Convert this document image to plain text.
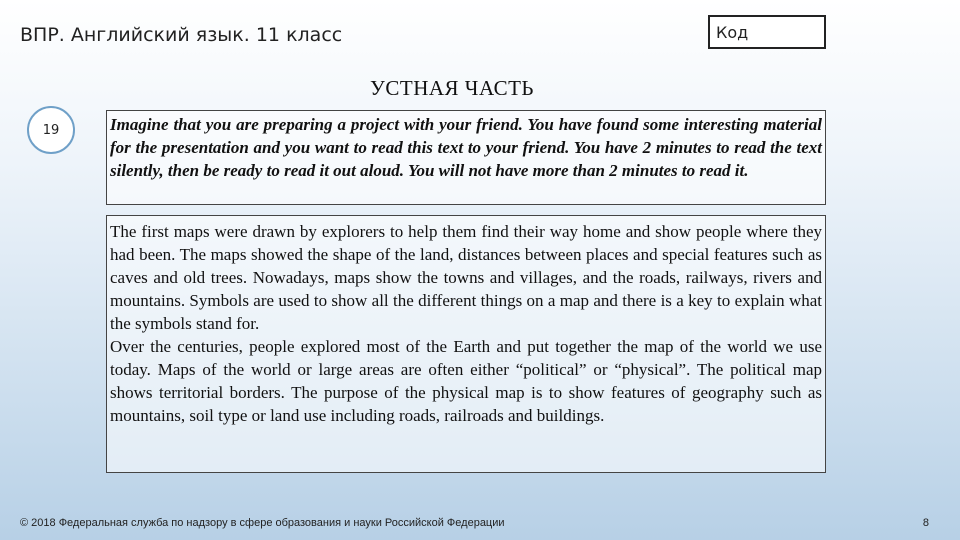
ВПР. Английский язык. 11 класс	Код
УСТНАЯ ЧАСТЬ
19	Imagine that you are preparing a project with your friend. You have found some interesting material for the presentation and you want to read this text to your friend. You have 2 minutes to read the text silently, then be ready to read it out aloud. You will not have more than 2 minutes to read it.

The first maps were drawn by explorers to help them find their way home and show people where they had been. The maps showed the shape of the land, distances between places and special features such as caves and old trees. Nowadays, maps show the towns and villages, and the roads, railways, rivers and mountains. Symbols are used to show all the different things on a map and there is a key to explain what the symbols stand for.

Over the centuries, people explored most of the Earth and put together the map of the world we use today. Maps of the world or large areas are often either “political” or “physical”. The political map shows territorial borders. The purpose of the physical map is to show features of geography such as mountains, soil type or land use including roads, railroads and buildings.

© 2018 Федеральная служба по надзору в сфере образования и науки Российской Федерации	8
